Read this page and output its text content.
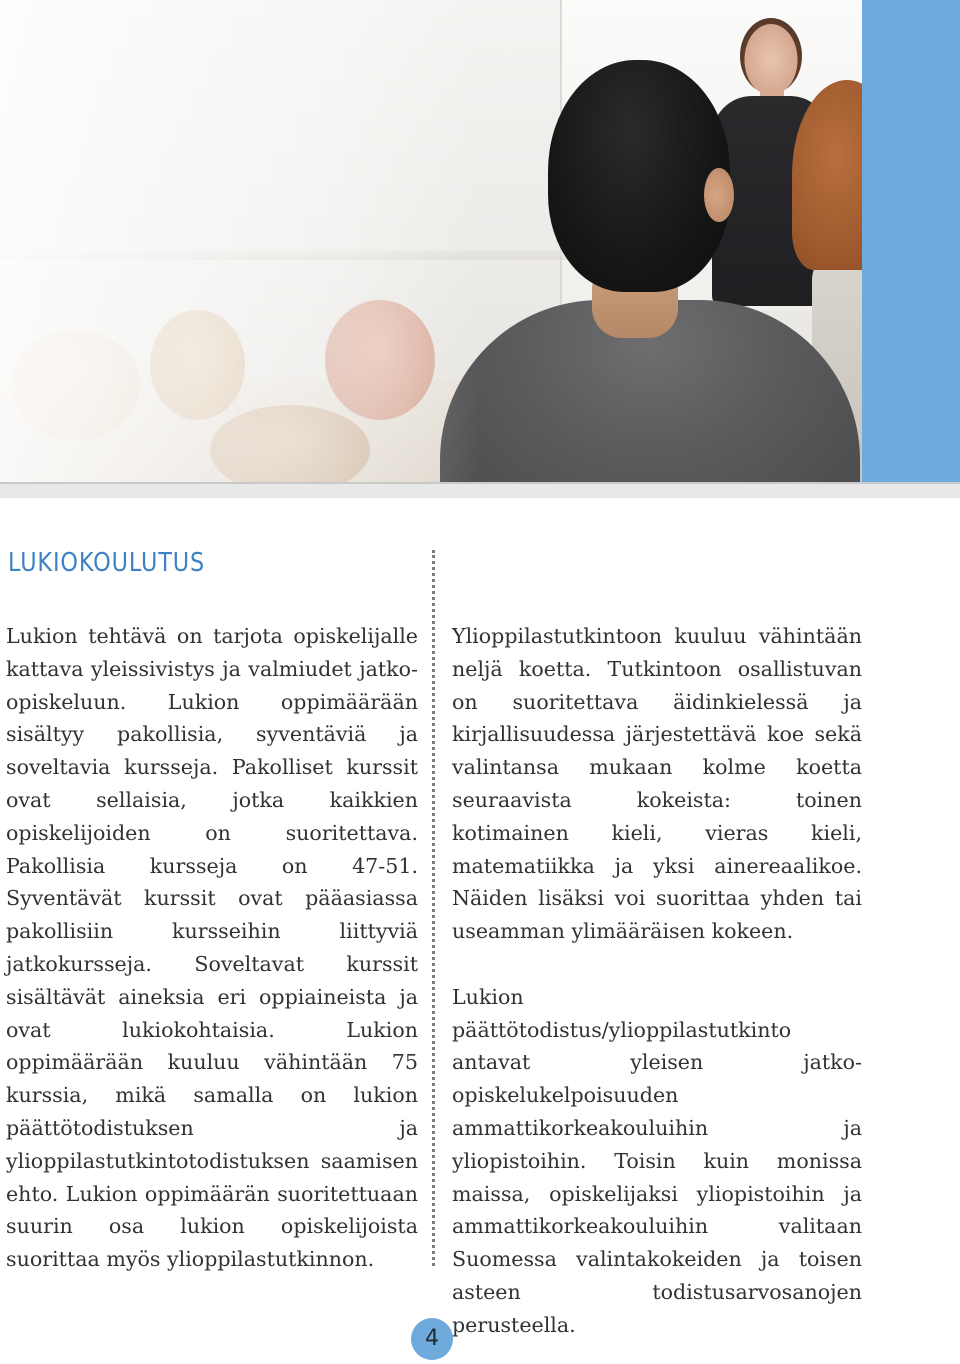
LUKIOKOULUTUS

Lukion tehtävä on tarjota opiskelijalle kattava yleissivistys ja valmiudet jatko-opiskeluun. Lukion oppimäärään sisältyy pakollisia, syventäviä ja soveltavia kursseja. Pakolliset kurssit ovat sellaisia, jotka kaikkien opiskelijoiden on suoritettava. Pakollisia kursseja on 47-51. Syventävät kurssit ovat pääasiassa pakollisiin kursseihin liittyviä jatkokursseja. Soveltavat kurssit sisältävät aineksia eri oppiaineista ja ovat lukiokohtaisia. Lukion oppimäärään kuuluu vähintään 75 kurssia, mikä samalla on lukion päättötodistuksen ja ylioppilastutkintotodistuksen saamisen ehto. Lukion oppimäärän suoritettuaan suurin osa lukion opiskelijoista suorittaa myös ylioppilastutkinnon.

Ylioppilastutkintoon kuuluu vähintään neljä koetta. Tutkintoon osallistuvan on suoritettava äidinkielessä ja kirjallisuudessa järjestettävä koe sekä valintansa mukaan kolme koetta seuraavista kokeista: toinen kotimainen kieli, vieras kieli, matematiikka ja yksi ainereaalikoe. Näiden lisäksi voi suorittaa yhden tai useamman ylimääräisen kokeen.

Lukion päättötodistus/ylioppilastutkinto antavat yleisen jatko-opiskelukelpoisuuden ammattikorkeakouluihin ja yliopistoihin. Toisin kuin monissa maissa, opiskelijaksi yliopistoihin ja ammattikorkeakouluihin valitaan Suomessa valintakokeiden ja toisen asteen todistusarvosanojen perusteella.

4
